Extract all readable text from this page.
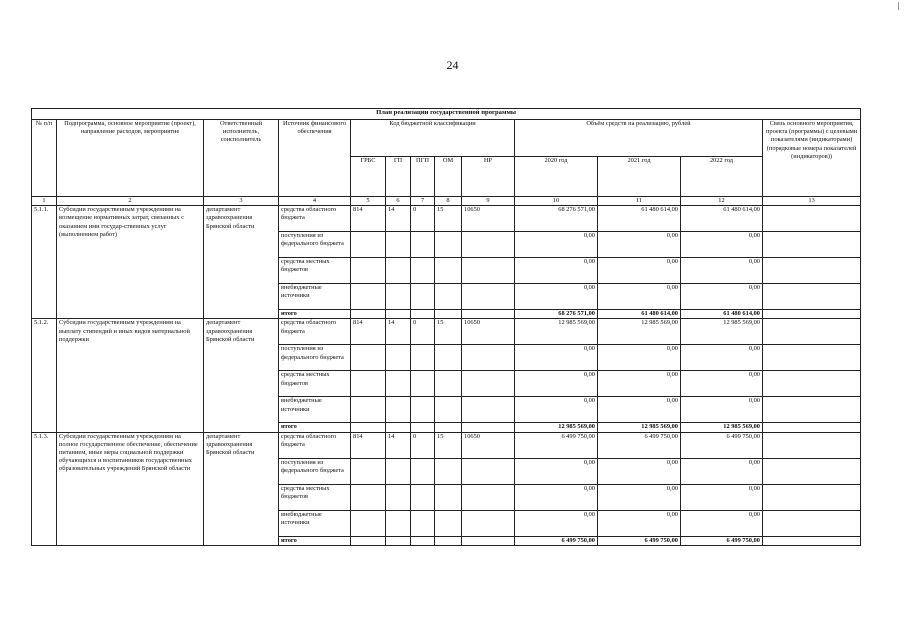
24
План реализации государственной программы												
№ п/п	Подпрограмма, основное мероприятие (проект), направление расходов, мероприятие	Ответственный исполнитель, соисполнитель	Источник финансового обеспечения	Код бюджетной классификации					Объём средств на реализацию, рублей			Связь основного мероприятия, проекта (программы) с целевыми показателями (индикаторами) (порядковые номера показателей (индикаторов))
				ГРБС	ГП	ПГП	ОМ	НР	2020 год	2021 год	2022 год	
1	2	3	4	5	6	7	8	9	10	11	12	13
5.1.1.	Субсидии государственным учреждениям на возмещение нормативных затрат, связанных с оказанием ими государ-ственных услуг (выполнением работ)	департамент здравоохранения Брянской области	средства областного бюджета	814	14	0	15	10650	68 276 571,00	61 480 614,00	61 480 614,00	
			поступления из федерального бюджета						0,00	0,00	0,00	
			средства местных бюджетов						0,00	0,00	0,00	
			внебюджетные источники						0,00	0,00	0,00	
			итого						68 276 571,00	61 480 614,00	61 480 614,00	
5.1.2.	Субсидии государственным учреждениям на выплату стипендий и иных видов материальной поддержки	департамент здравоохранения Брянской области	средства областного бюджета	814	14	0	15	10650	12 985 569,00	12 985 569,00	12 985 569,00	
			поступления из федерального бюджета						0,00	0,00	0,00	
			средства местных бюджетов						0,00	0,00	0,00	
			внебюджетные источники						0,00	0,00	0,00	
			итого						12 985 569,00	12 985 569,00	12 985 569,00	
5.1.3.	Субсидии государственным учреждениям на полное государственное обеспечение, обеспечение питанием, иные меры социальной поддержки обучающихся и воспитанников государственных образовательных учреждений Брянской области	департамент здравоохранения Брянской области	средства областного бюджета	814	14	0	15	10650	6 499 750,00	6 499 750,00	6 499 750,00	
			поступления из федерального бюджета						0,00	0,00	0,00	
			средства местных бюджетов						0,00	0,00	0,00	
			внебюджетные источники						0,00	0,00	0,00	
			итого						6 499 750,00	6 499 750,00	6 499 750,00	
